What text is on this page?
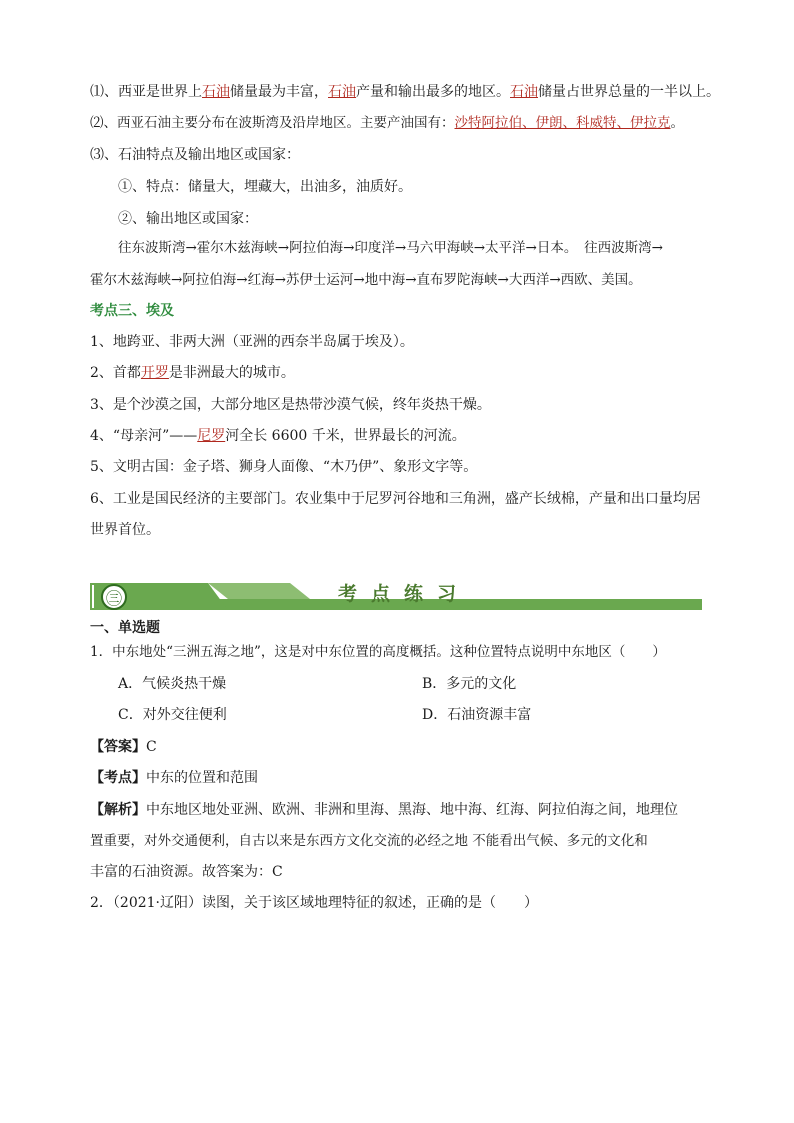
⑴、西亚是世界上石油储量最为丰富，石油产量和输出最多的地区。石油储量占世界总量的一半以上。
⑵、西亚石油主要分布在波斯湾及沿岸地区。主要产油国有：沙特阿拉伯、伊朗、科威特、伊拉克。
⑶、石油特点及输出地区或国家：
①、特点：储量大，埋藏大，出油多，油质好。
②、输出地区或国家：
往东波斯湾→霍尔木兹海峡→阿拉伯海→印度洋→马六甲海峡→太平洋→日本。　往西波斯湾→
霍尔木兹海峡→阿拉伯海→红海→苏伊士运河→地中海→直布罗陀海峡→大西洋→西欧、美国。
考点三、埃及
1、地跨亚、非两大洲（亚洲的西奈半岛属于埃及）。
2、首都开罗是非洲最大的城市。
3、是个沙漠之国，大部分地区是热带沙漠气候，终年炎热干燥。
4、“母亲河”——尼罗河全长 6600 千米，世界最长的河流。
5、文明古国：金子塔、狮身人面像、“木乃伊”、象形文字等。
6、工业是国民经济的主要部门。农业集中于尼罗河谷地和三角洲，盛产长绒棉，产量和出口量均居
世界首位。
㊂	考点练习
一、单选题
1．中东地处“三洲五海之地”，这是对中东位置的高度概括。这种位置特点说明中东地区（　　）
A．气候炎热干燥	B．多元的文化
C．对外交往便利	D．石油资源丰富
【答案】C
【考点】中东的位置和范围
【解析】中东地区地处亚洲、欧洲、非洲和里海、黑海、地中海、红海、阿拉伯海之间，地理位
置重要，对外交通便利，自古以来是东西方文化交流的必经之地 不能看出气候、多元的文化和
丰富的石油资源。故答案为：C
2．（2021·辽阳）读图，关于该区域地理特征的叙述，正确的是（　　）
